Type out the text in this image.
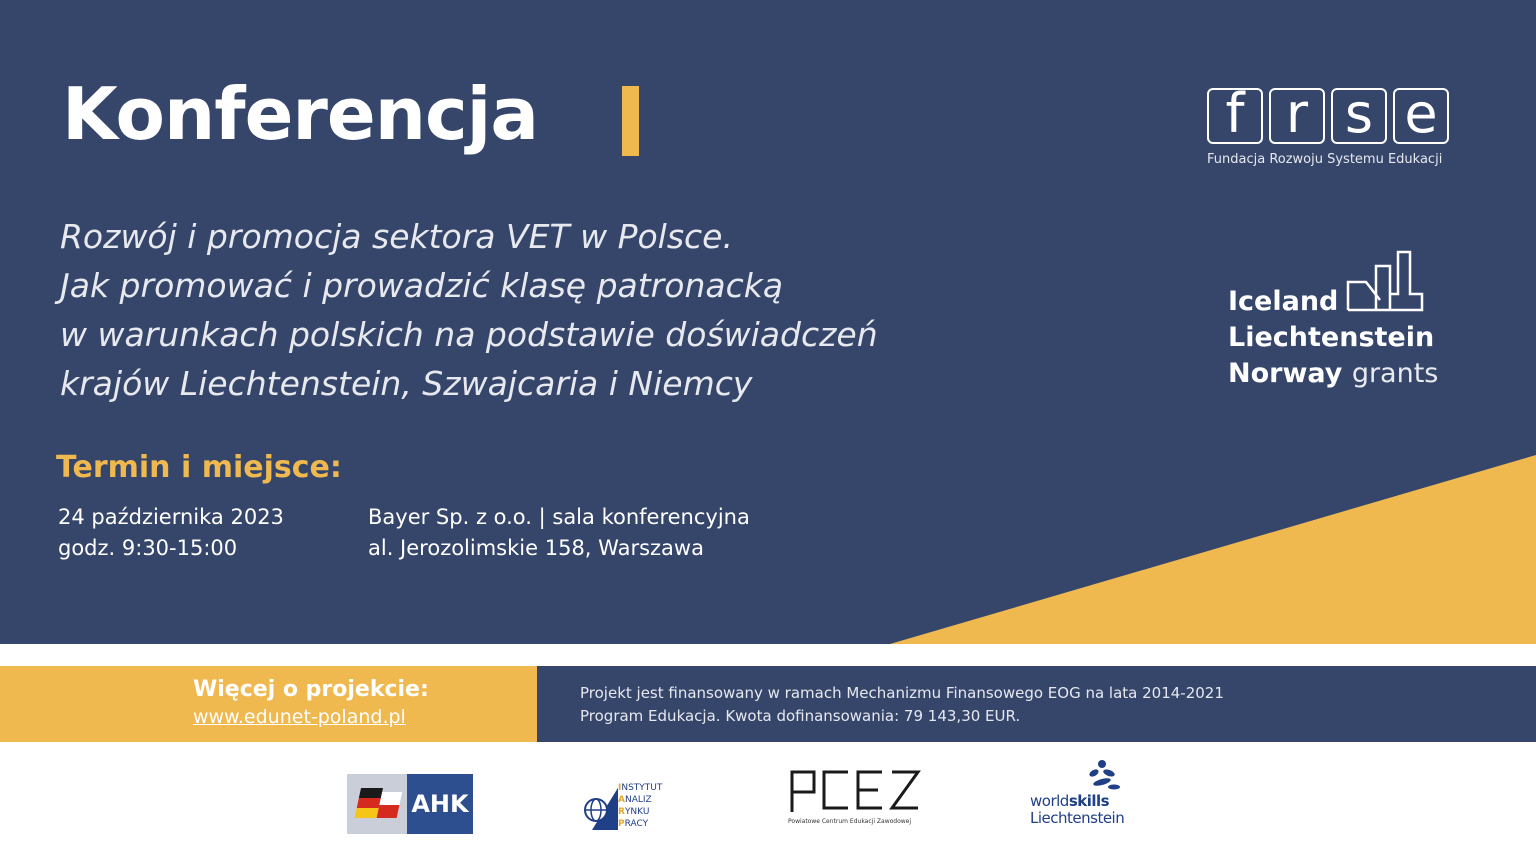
Konferencja
Rozwój i promocja sektora VET w Polsce.
Jak promować i prowadzić klasę patronacką
w warunkach polskich na podstawie doświadczeń
krajów Liechtenstein, Szwajcaria i Niemcy
Termin i miejsce:
24 października 2023
godz. 9:30-15:00
Bayer Sp. z o.o. | sala konferencyjna
al. Jerozolimskie 158, Warszawa
f r s e
Fundacja Rozwoju Systemu Edukacji
Iceland
Liechtenstein
Norway grants
Więcej o projekcie:
www.edunet-poland.pl
Projekt jest finansowany w ramach Mechanizmu Finansowego EOG na lata 2014-2021
Program Edukacja. Kwota dofinansowania: 79 143,30 EUR.
AHK
INSTYTUT
ANALIZ
RYNKU
PRACY	Powiatowe Centrum Edukacji Zawodowej
worldskills
Liechtenstein
